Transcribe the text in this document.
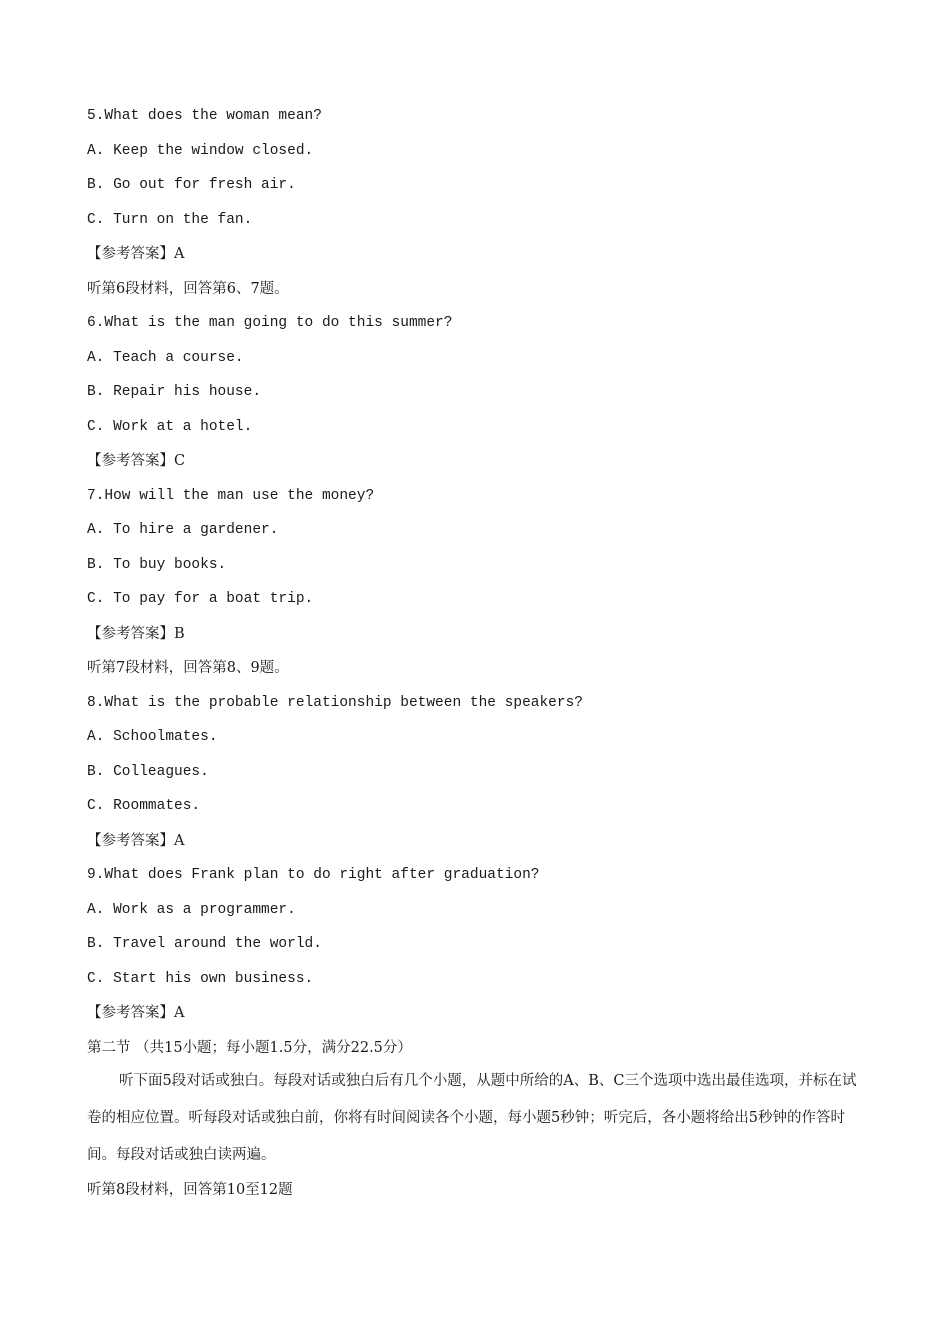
5.What does the woman mean?
A. Keep the window closed.
B. Go out for fresh air.
C. Turn on the fan.
【参考答案】A
听第6段材料，回答第6、7题。
6.What is the man going to do this summer?
A. Teach a course.
B. Repair his house.
C. Work at a hotel.
【参考答案】C
7.How will the man use the money?
A. To hire a gardener.
B. To buy books.
C. To pay for a boat trip.
【参考答案】B
听第7段材料，回答第8、9题。
8.What is the probable relationship between the speakers?
A. Schoolmates.
B. Colleagues.
C. Roommates.
【参考答案】A
9.What does Frank plan to do right after graduation?
A. Work as a programmer.
B. Travel around the world.
C. Start his own business.
【参考答案】A
第二节 （共15小题；每小题1.5分，满分22.5分）
听下面5段对话或独白。每段对话或独白后有几个小题，从题中所给的A、B、C三个选项中选出最佳选项，并标在试卷的相应位置。听每段对话或独白前，你将有时间阅读各个小题，每小题5秒钟；听完后，各小题将给出5秒钟的作答时间。每段对话或独白读两遍。
听第8段材料，回答第10至12题
